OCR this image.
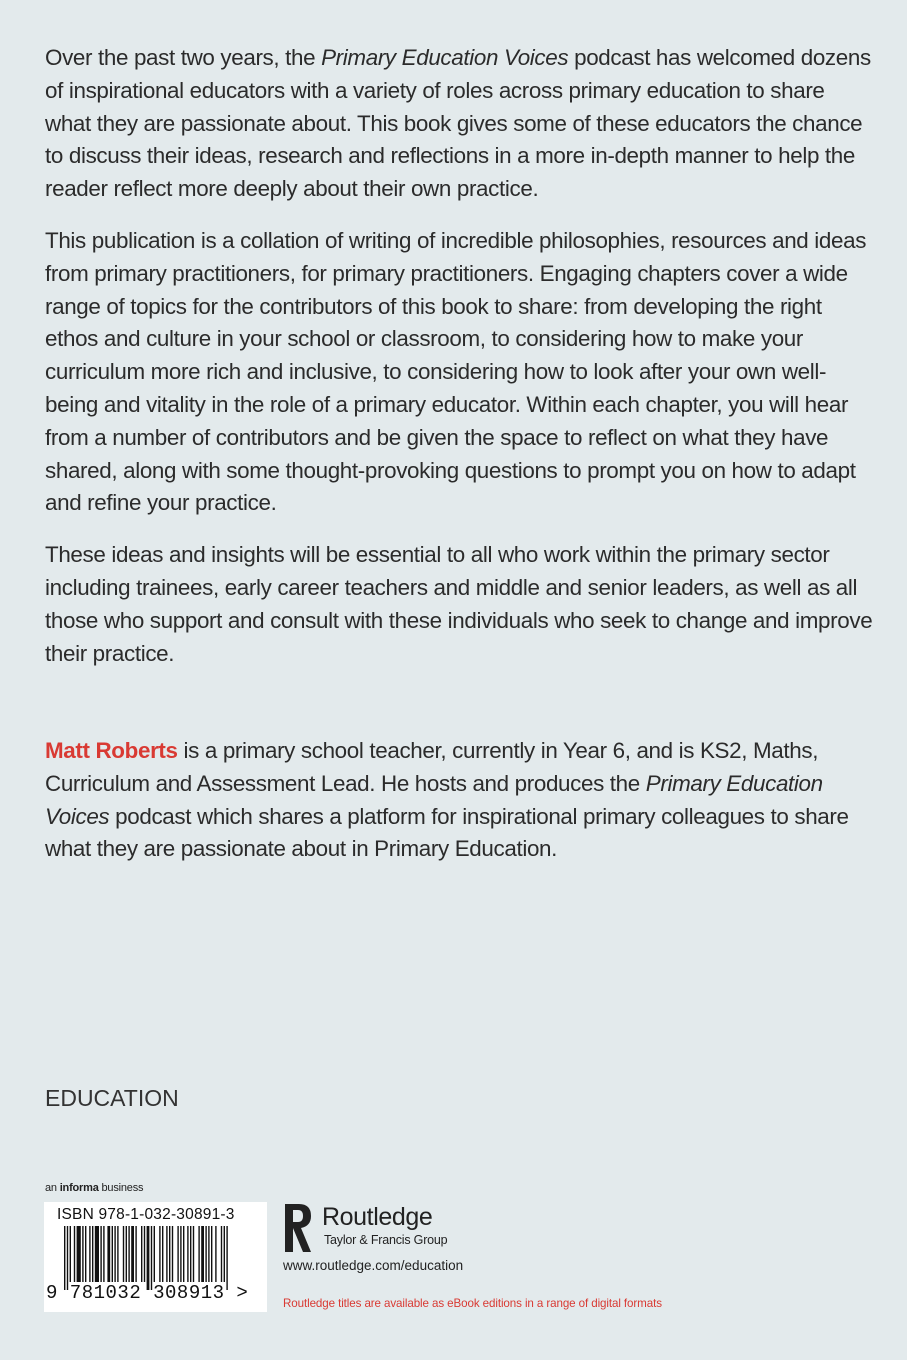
Over the past two years, the Primary Education Voices podcast has welcomed dozens of inspirational educators with a variety of roles across primary education to share what they are passionate about. This book gives some of these educators the chance to discuss their ideas, research and reflections in a more in-depth manner to help the reader reflect more deeply about their own practice.

This publication is a collation of writing of incredible philosophies, resources and ideas from primary practitioners, for primary practitioners. Engaging chapters cover a wide range of topics for the contributors of this book to share: from developing the right ethos and culture in your school or classroom, to considering how to make your curriculum more rich and inclusive, to considering how to look after your own well-being and vitality in the role of a primary educator. Within each chapter, you will hear from a number of contributors and be given the space to reflect on what they have shared, along with some thought-provoking questions to prompt you on how to adapt and refine your practice.

These ideas and insights will be essential to all who work within the primary sector including trainees, early career teachers and middle and senior leaders, as well as all those who support and consult with these individuals who seek to change and improve their practice.

Matt Roberts is a primary school teacher, currently in Year 6, and is KS2, Maths, Curriculum and Assessment Lead. He hosts and produces the Primary Education Voices podcast which shares a platform for inspirational primary colleagues to share what they are passionate about in Primary Education.

EDUCATION
an informa business
ISBN 978-1-032-30891-3
9 781032 308913 >
Routledge
Taylor & Francis Group
www.routledge.com/education
Routledge titles are available as eBook editions in a range of digital formats
